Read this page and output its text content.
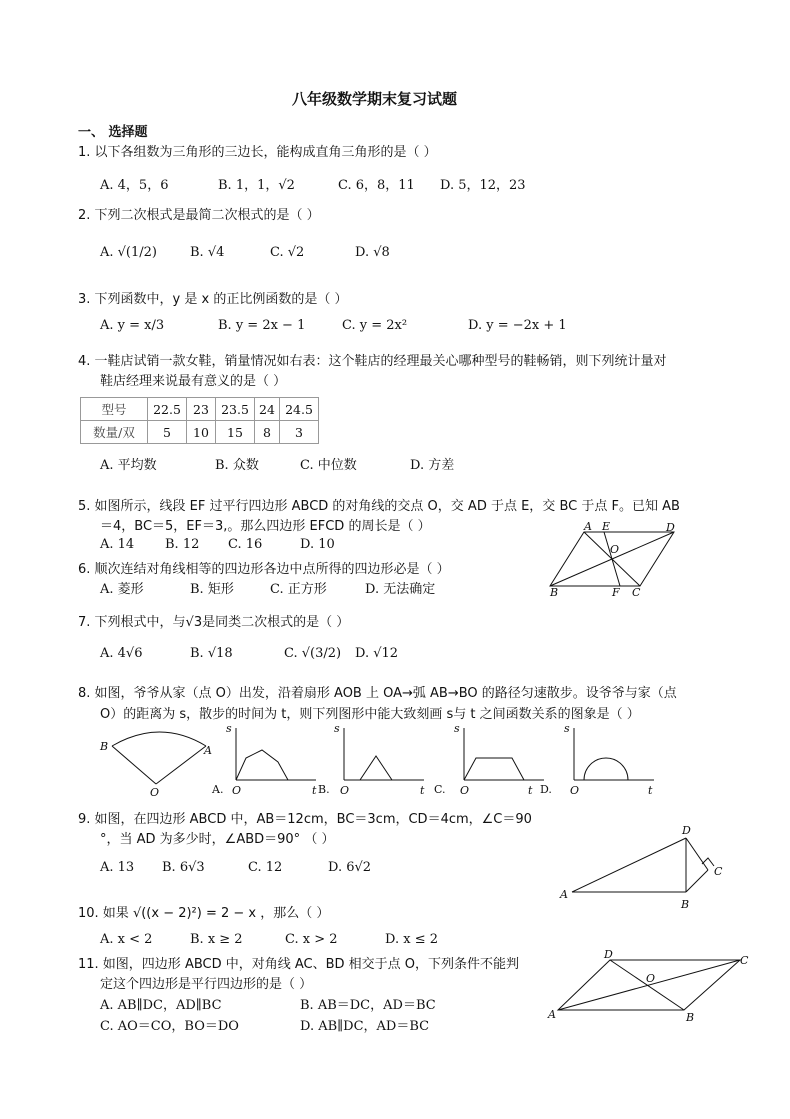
八年级数学期末复习试题
一、 选择题
1. 以下各组数为三角形的三边长，能构成直角三角形的是（ ）
A. 4，5，6	B. 1，1，√2	C. 6，8，11 D. 5，12，23
2. 下列二次根式是最简二次根式的是（ ）
A. √(1/2)	B. √4	C. √2	D. √8
3. 下列函数中，y 是 x 的正比例函数的是（ ）
A. y = x/3	B. y = 2x − 1	C. y = 2x²	D. y = −2x + 1
4. 一鞋店试销一款女鞋，销量情况如右表：这个鞋店的经理最关心哪种型号的鞋畅销，则下列统计量对
鞋店经理来说最有意义的是（ ）
型号	22.5	23	23.5	24	24.5
数量/双	5	10	15	8	3
A. 平均数	B. 众数	C. 中位数	D. 方差
5. 如图所示，线段 EF 过平行四边形 ABCD 的对角线的交点 O，交 AD 于点 E，交 BC 于点 F。已知 AB
＝4，BC＝5，EF＝3,。那么四边形 EFCD 的周长是（ ）
A. 14 B. 12 C. 16	D. 10
A E	D
O
B	F C
6. 顺次连结对角线相等的四边形各边中点所得的四边形必是（ ）
A. 菱形	B. 矩形	C. 正方形	D. 无法确定
7. 下列根式中，与√3是同类二次根式的是（ ）
A. 4√6	B. √18	C. √(3/2) D. √12
8. 如图，爷爷从家（点 O）出发，沿着扇形 AOB 上 OA→弧 AB→BO 的路径匀速散步。设爷爷与家（点
O）的距离为 s，散步的时间为 t，则下列图形中能大致刻画 s与 t 之间函数关系的图象是（ ）
B	A
O
s
O	t
A.
s
O	t
B.
s
O	t
C.	D.
s
O	t
9. 如图，在四边形 ABCD 中，AB＝12cm，BC＝3cm，CD＝4cm，∠C＝90
°，当 AD 为多少时，∠ABD＝90° （ ）
A. 13 B. 6√3	C. 12	D. 6√2
D
C
A
B
10. 如果 √((x − 2)²) = 2 − x ，那么（ ）
A. x < 2	B. x ≥ 2	C. x > 2	D. x ≤ 2
11. 如图，四边形 ABCD 中，对角线 AC、BD 相交于点 O，下列条件不能判
定这个四边形是平行四边形的是（ ）
A. AB∥DC，AD∥BC	B. AB＝DC，AD＝BC
C. AO＝CO，BO＝DO	D. AB∥DC，AD＝BC
D
O
C
A	B
